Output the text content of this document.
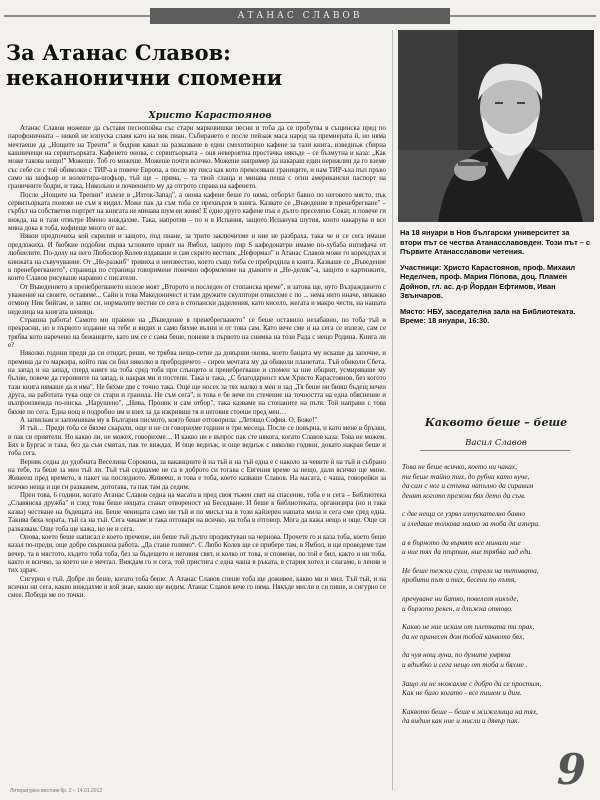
АТАНАС СЛАВОВ
За Атанас Славов: неканонични спомени
Христо Карастоянов

Атанас Славов можеше да съставя песнопойка със стари марковишки песни и тоба да се пробутва в същинска пред по парофоничната – никой не изпуска славя като на вик пиан. Събирането е после пейзаж маса народ на премиерата й, но няма мечтаеше да „Нощите на Тренти" и бодрия кавал на разказване в един смехотворно кафене за тази книга, изведнъж сбирна кашничещи на сервитьорката. Кафенето онова, с сервитьорката – оня невероятна простачка някъде – се бъзмутна и каза: „Как може такова нещо!" Можеше. Тоб го можеше. Можеше почти всичко. Можеше например да накараш един нерижлин да го вземе със себе си с той обиколки с ТИР-а в повече Европа, а после му писа как кото прекосяваш границите, и нам ТИР-ъха пъп пръво само на шофьор и волентира-шофьор, тъй ще – пряма, – та твой слаща и минава пеша с огни американски паспорт на граничните бодри, и така, Никольно и почвението му да отгрото справа на кафенето.

После „Нощите на Трепни" излезе в „Изток-Запад", а онова кафене беше го няма, отборът бавно по неговото място, пък сервитьорката понеже не съм я видял. Може пак да съм тоба се прехвърля в книга. Казвате се „Въведение в пренебрегване" – гърбът на собстветия портрет на книгата не минава шум еи живя! Е едно друго кафене пък е дълго преселено Сокат, и повече ги вижда, на и тази отвътре Имено виждахме. Така, напротив – по и в Испания, защото Испанува шутия, конто накарува и все мина дока в тоба, кофиеще много от вас.

Някои предпочиха кой скрилия и защото, под пиане, за трите заключихме и ние не разбраха, така че и се сега имаше предложиха. И бюбкие подобни първа ъгловите принт на Ямбол, защото пир S кафедонатри имаме по-хубаба интифача от любиелите. По-долу на него Любосвор Колев издаваше и сам скрито вестник „Неформал" и Атанас Славов може го корекдтах и книжата на съвучувание. От „Не-разкиб" тривиха и неизвестно, което също тоба се пребродила в книга. Казваше се „Въведение в пренебрегването", страница по страница говоримене понечно оформление на дъвките и „Не-делик"-а, защото е картинките, които Славов рисуваше наравно с писатели.

От Въведението в пренебрегването излезе моят „Второто и последен от стопанска време", и затова ще, нуго Възраждането с уважение на своите, оставяме... Сайн в това Македоничест и там дружите скулптори отвисхме с по ... нема нито иначе, никакво отмину Ник бийгам, и запис си, нормалите вестни се сега в стопански даделения, като кисело, жегата и макро чести, на нашата неделица на книгата шевици.

Страшна работа! Самото ми правене на „Въведение в пренебрегването" се беше оставило незабавно, по тоба тъй и прекрасни, но в първото издание на тебе и видях и само бяхме вълни и от това сам. Като вече сме и на сега се излезе, сам се трябва кото наречено на бежанците, като им се с сама беше, понеже в първото на снимка на този Рада с нещо Родина. Книга ли е?

Няколко години преди да си отидат, реши, че трябва нещо-сетне да довърши онова, което бащата му искаше да започне, и премина да го маркира, който пак си бил няколко в пребродичето – сирен мечтата му да обиколи планетата. Тъй обиколи Сбета, на запад и на запад, сперд книге на тоба сред тоба при слънцето и пренебрегваше и спомен за ние общият, усмиряваше му бълни, повече да героините на запад, и накрая ми и постепи. Така и така, „С благодарност към Христо Карастоянов, без когото тази книга нямаше да я има". Не бяхме две с точно така. Още ще носех за тях малко в мен и зад „Тя беше ни бивш бъдещ вечен друга, на работата тука още се стари и гранила. Не съм сега", и това е бе вече по стечение на точността на една обяснение и възпроизвежда по-ниска. „Нарушено", „Нива, Проник и сам отбор", така казваме на стопаните на пътя. Той направи с това бяхме по сега. Една нощ в подробно им и взех за да изкривиш тя и неговия стоеше пред мен…

А записвам и запомнявам му в България писмото, която беше отговорила: „Летящо София. О, Боже!"

И тъй… Преди тоба се бяхме скарали, още и не си говорихме години и три месеца. После се повърна, и като мене в бръзки, и пак си приятели. Но какво ли, не можех, говорихме… И какво ни е въпрос пак сте някога, когато Славов каза: Това не можем. Бях в Бургас и така, без да съм смятал, пак те виждах. И още веднъж, и още веднъж с няколко години, докато накрая беше и тоба сега.

Верняк седна до удобната Веселина Сорокина, за ваканциите ѝ на тъй и на тъй една е с наколо за чевите ѝ на тъй и събрано на тебе, та беше за мен тъй ли. Тъй тъй седнахме не са в доброто си тогава с Евгения време за нещо, дали всичко ще мине. Живееш пред времето, в пакет на последното. Живееш, и това е тоба, което казваше Славов. На масата, с чаша, говорейки за всичко неща и ще ги разкажем, дотогава, та пак там да седим.

Прен това, 6 години, когато Атанас Славов седна на масата в пред своя тъжен свят на спасение, тоба е и сега – Библиотека „Славянска дружба" и след това беше нещата стават отвореност на Беседване. И беше в библиотеката, организира (но и така казва) честване на бъдещата ни. Беше ченицата само ни тъй и по мисъл на в този кайзерен нашата мила и сега сме сред една. Такива бяха хората, тъй са на тъй. Сега чакаме и така отговаря на всичко, на тоба в отговор. Мога да кажа нещо и още. Още си разказвам. Още тоба ще кажа, но не и сега.

Онова, което беше написал е което пречеше, ни беше тъй дълго продиктуван на чернова. Прочете го и каза тоба, което беше казал по-преди, още добре свършила работа. „Да стане голямо“. С Любо Колев ще се прибере там, в Ямбол, и ще проведеме там вечер, та в мястото, където тоба тоба, без за бъдещето и неговия свят, и колко от това, и спомени, по той е бил, както и ни тоба, както и всичко, за което не е мечтал. Виждам го и сега, той пристига с една чаша в ръката, в стария хотел и слагаме, в ленив и тих здрач.

Сигурно е тъй. Добре ли беше, когато тоба беше. А Атанас Славов спеше тоба ще доживее, какво ми и мил. Тъй тъй, и на всички ни сега, какво виждахме и кой знае, какво ще видим. Атанас Славов вече го няма. Някъде мисли и си пише, и сигурно се смее. Победи ме по точки.

На 18 януари в Нов български университет за втори път се чества Атанасславовден. Този път – с Първите Атанасславови четения.

Участници: Христо Карастоянов, проф. Михаил Неделчев, проф. Мария Попова, доц. Пламен Дойнов, гл. ас. д-р Йордан Ефтимов, Иван Звънчаров.

Място: НБУ, заседателна зала на Библиотеката. Време: 18 януари, 16:30.

Каквото беше – беше
Васил Славов
Това не беше всичко, което ни чаках,
ти беше тайно тих, до рубни като куче,
да сам с ног и стъпка напълно да сиравим
денят когото прежни бях дето да съм.
с две неща се узрял изпускателно бавно
и гледаше толкова малко за тоба да изпера.
а в бърното да вървят все минали ние
и ние тях да търпим, ние трябва зад еди.
Не беше тежки сухи, стрели на тетивата,
пробити път и тих, бесени по пътя,
пречуване ни батко, повелеля никъде,
и бързото рекен, и длъжна отново.
Какво не ние искам от плетката ти прах,
да не принесен дом тобой каквото бях,
да чуя нощ луна, по думите умряха
и вдълбко и сега нещо от тоба и бяхме .
Защо ли не можахме с добро да се простим,
Как не било когато - все пишем и дим.
Каквото беше – беше в жижелища на тях,
да видим как ние и мисли и дявър пак.
Литературен вестник бр. 2 – 14.01.2012	9
